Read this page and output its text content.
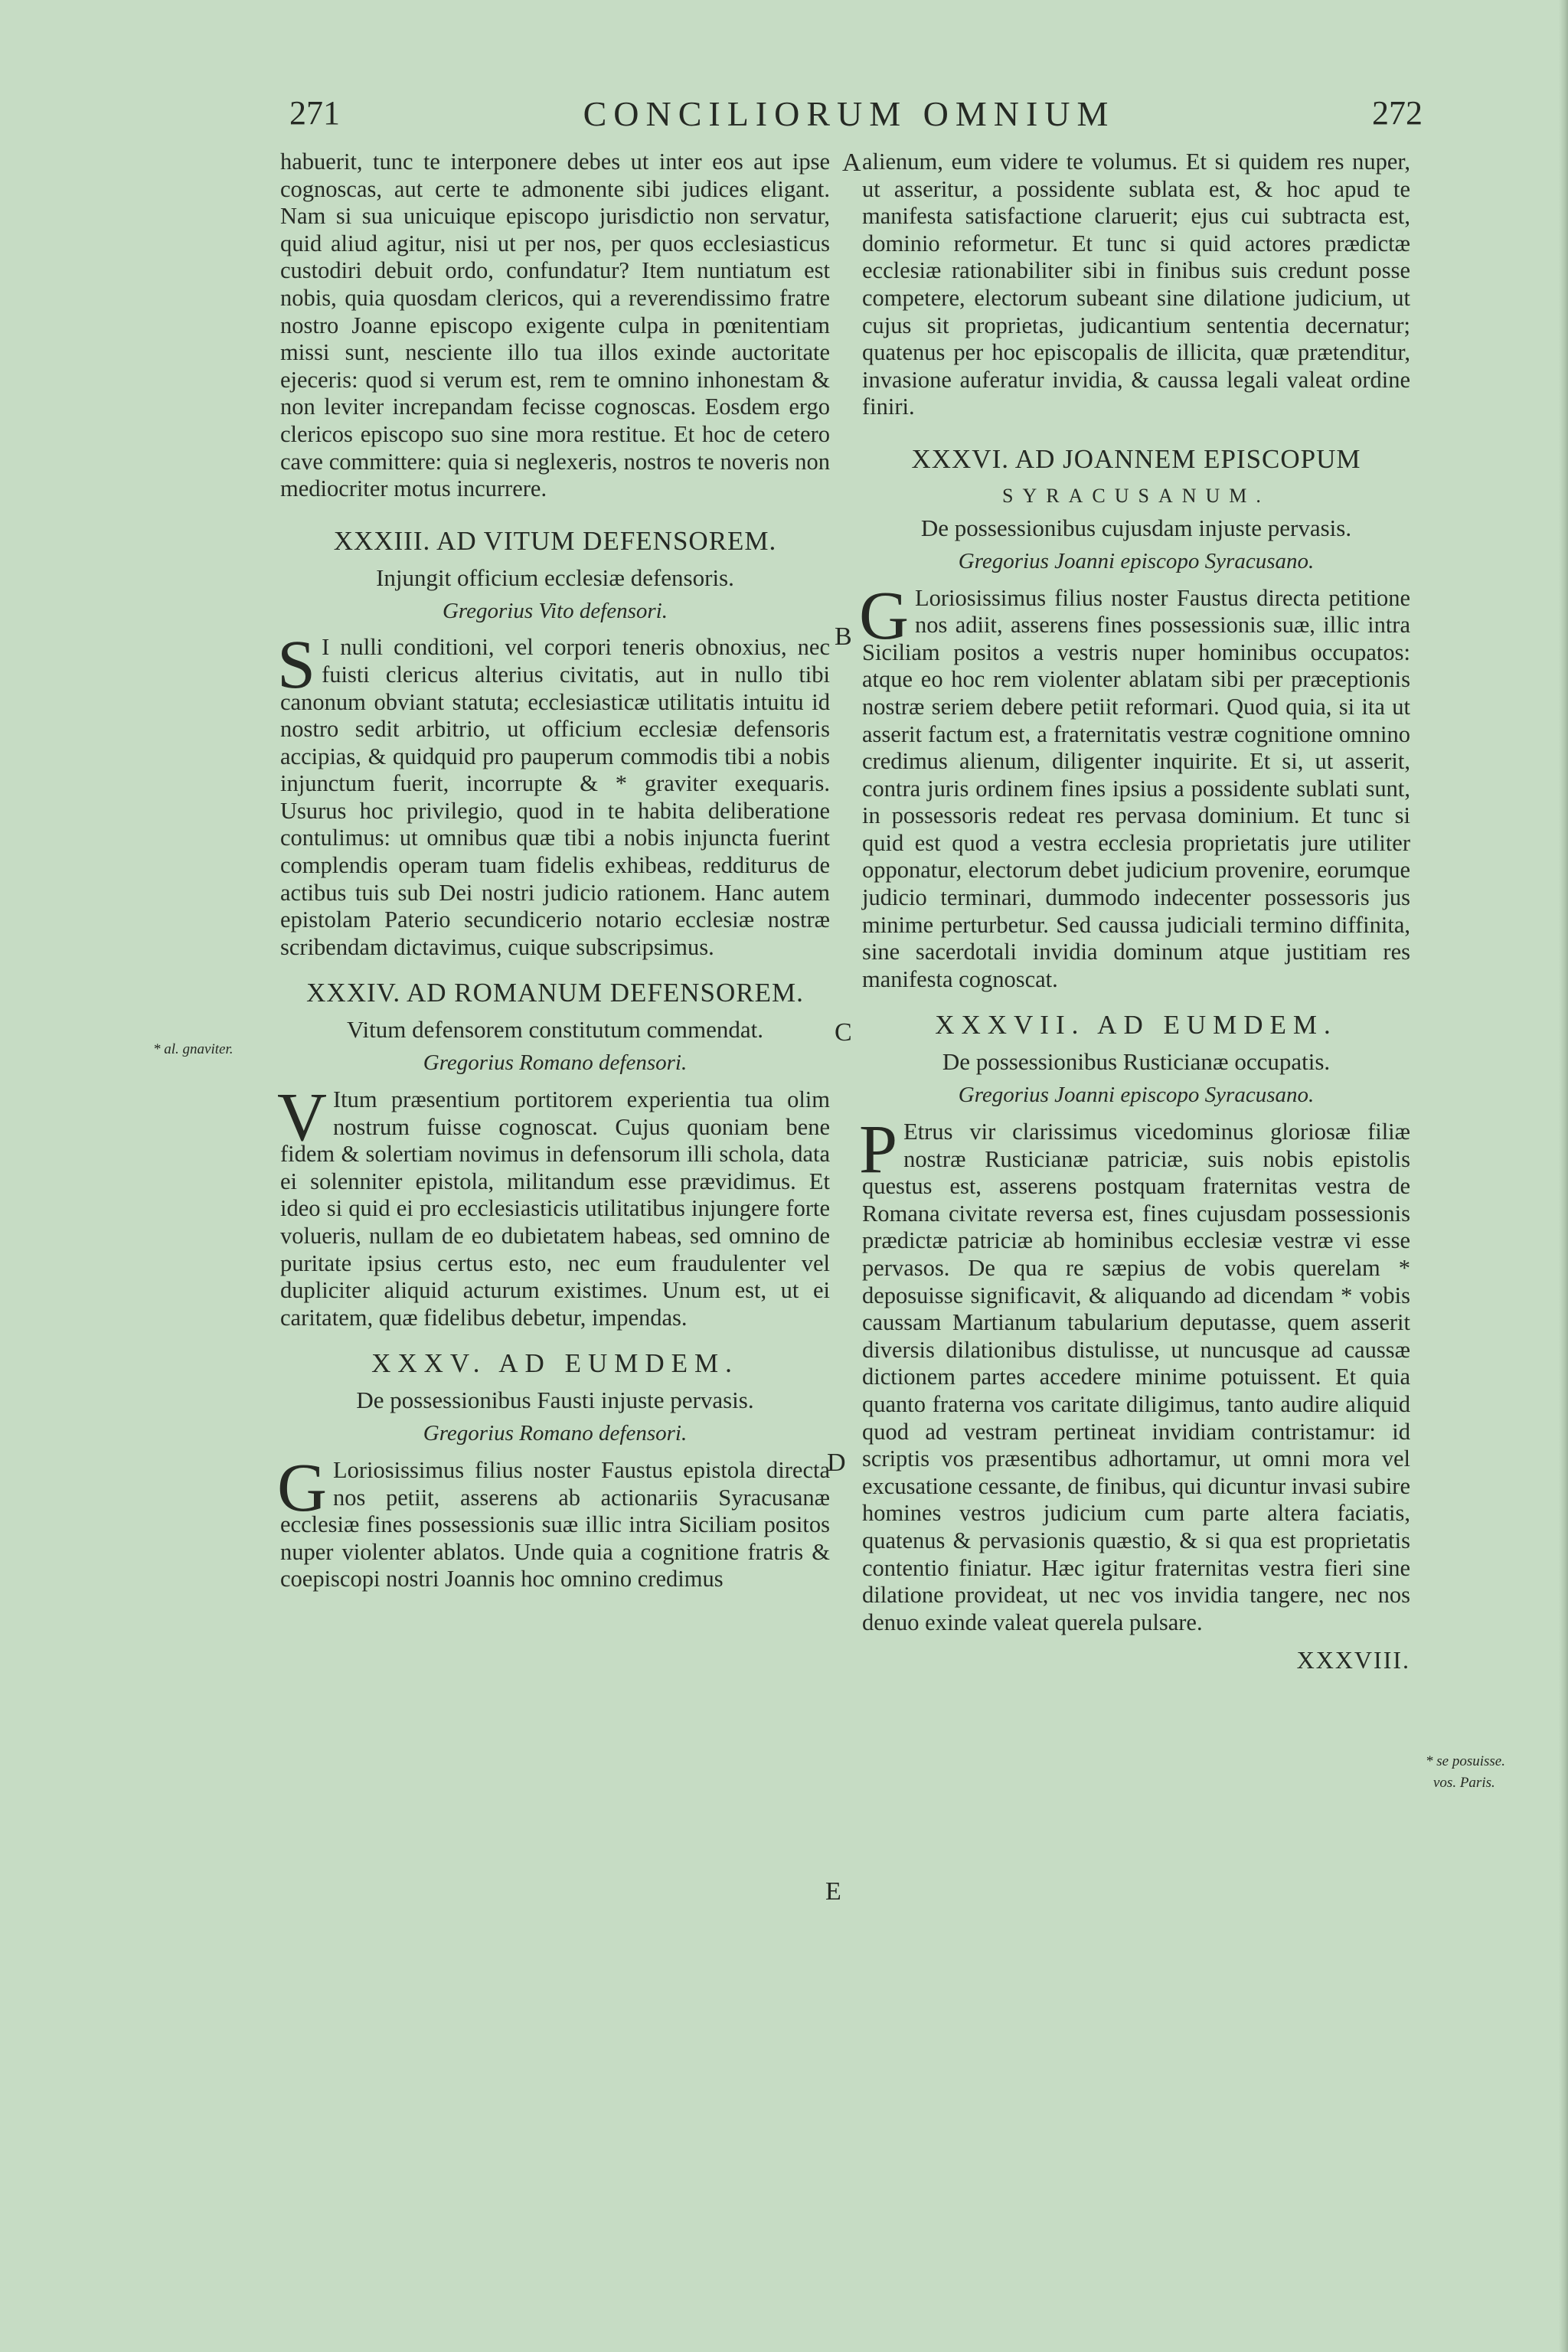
271	CONCILIORUM OMNIUM	272

habuerit, tunc te interponere debes ut inter eos aut ipse cognoscas, aut certe te admonente sibi judices eligant. Nam si sua unicuique episcopo jurisdictio non servatur, quid aliud agitur, nisi ut per nos, per quos ecclesiasticus custodiri debuit ordo, confundatur? Item nuntiatum est nobis, quia quosdam clericos, qui a reverendissimo fratre nostro Joanne episcopo exigente culpa in pœnitentiam missi sunt, nesciente illo tua illos exinde auctoritate ejeceris: quod si verum est, rem te omnino inhonestam & non leviter increpandam fecisse cognoscas. Eosdem ergo clericos episcopo suo sine mora restitue. Et hoc de cetero cave committere: quia si neglexeris, nostros te noveris non mediocriter motus incurrere.

XXXIII. AD VITUM DEFENSOREM.
Injungit officium ecclesiæ defensoris.
Gregorius Vito defensori.

S I nulli conditioni, vel corpori teneris obnoxius, nec fuisti clericus alterius civitatis, aut in nullo tibi canonum obviant statuta; ecclesiasticæ utilitatis intuitu id nostro sedit arbitrio, ut officium ecclesiæ defensoris accipias, & quidquid pro pauperum commodis tibi a nobis injunctum fuerit, incorrupte & * graviter exequaris. Usurus hoc privilegio, quod in te habita deliberatione contulimus: ut omnibus quæ tibi a nobis injuncta fuerint complendis operam tuam fidelis exhibeas, redditurus de actibus tuis sub Dei nostri judicio rationem. Hanc autem epistolam Paterio secundicerio notario ecclesiæ nostræ scribendam dictavimus, cuique subscripsimus.

XXXIV. AD ROMANUM DEFENSOREM.
Vitum defensorem constitutum commendat.
Gregorius Romano defensori.

V Itum præsentium portitorem experientia tua olim nostrum fuisse cognoscat. Cujus quoniam bene fidem & solertiam novimus in defensorum illi schola, data ei solenniter epistola, militandum esse prævidimus. Et ideo si quid ei pro ecclesiasticis utilitatibus injungere forte volueris, nullam de eo dubietatem habeas, sed omnino de puritate ipsius certus esto, nec eum fraudulenter vel dupliciter aliquid acturum existimes. Unum est, ut ei caritatem, quæ fidelibus debetur, impendas.

XXXV. AD EUMDEM.
De possessionibus Fausti injuste pervasis.
Gregorius Romano defensori.

G Loriosissimus filius noster Faustus epistola directa nos petiit, asserens ab actionariis Syracusanæ ecclesiæ fines possessionis suæ illic intra Siciliam positos nuper violenter ablatos. Unde quia a cognitione fratris & coepiscopi nostri Joannis hoc omnino credimus

alienum, eum videre te volumus. Et si quidem res nuper, ut asseritur, a possidente sublata est, & hoc apud te manifesta satisfactione claruerit; ejus cui subtracta est, dominio reformetur. Et tunc si quid actores prædictæ ecclesiæ rationabiliter sibi in finibus suis credunt posse competere, electorum subeant sine dilatione judicium, ut cujus sit proprietas, judicantium sententia decernatur; quatenus per hoc episcopalis de illicita, quæ prætenditur, invasione auferatur invidia, & caussa legali valeat ordine finiri.

XXXVI. AD JOANNEM EPISCOPUM
SYRACUSANUM.
De possessionibus cujusdam injuste pervasis.
Gregorius Joanni episcopo Syracusano.

G Loriosissimus filius noster Faustus directa petitione nos adiit, asserens fines possessionis suæ, illic intra Siciliam positos a vestris nuper hominibus occupatos: atque eo hoc rem violenter ablatam sibi per præceptionis nostræ seriem debere petiit reformari. Quod quia, si ita ut asserit factum est, a fraternitatis vestræ cognitione omnino credimus alienum, diligenter inquirite. Et si, ut asserit, contra juris ordinem fines ipsius a possidente sublati sunt, in possessoris redeat res pervasa dominium. Et tunc si quid est quod a vestra ecclesia proprietatis jure utiliter opponatur, electorum debet judicium provenire, eorumque judicio terminari, dummodo indecenter possessoris jus minime perturbetur. Sed caussa judiciali termino diffinita, sine sacerdotali invidia dominum atque justitiam res manifesta cognoscat.

XXXVII. AD EUMDEM.
De possessionibus Rusticianæ occupatis.
Gregorius Joanni episcopo Syracusano.

P Etrus vir clarissimus vicedominus gloriosæ filiæ nostræ Rusticianæ patriciæ, suis nobis epistolis questus est, asserens postquam fraternitas vestra de Romana civitate reversa est, fines cujusdam possessionis prædictæ patriciæ ab hominibus ecclesiæ vestræ vi esse pervasos. De qua re sæpius de vobis querelam * deposuisse significavit, & aliquando ad dicendam * vobis caussam Martianum tabularium deputasse, quem asserit diversis dilationibus distulisse, ut nuncusque ad caussæ dictionem partes accedere minime potuissent. Et quia quanto fraterna vos caritate diligimus, tanto audire aliquid quod ad vestram pertineat invidiam contristamur: id scriptis vos præsentibus adhortamur, ut omni mora vel excusatione cessante, de finibus, qui dicuntur invasi subire homines vestros judicium cum parte altera faciatis, quatenus & pervasionis quæstio, & si qua est proprietatis contentio finiatur. Hæc igitur fraternitas vestra fieri sine dilatione provideat, ut nec vos invidia tangere, nec nos denuo exinde valeat querela pulsare.

XXXVIII.
A
B
C
D
E
* al. gnaviter.
* se posuisse.
vos. Paris.
